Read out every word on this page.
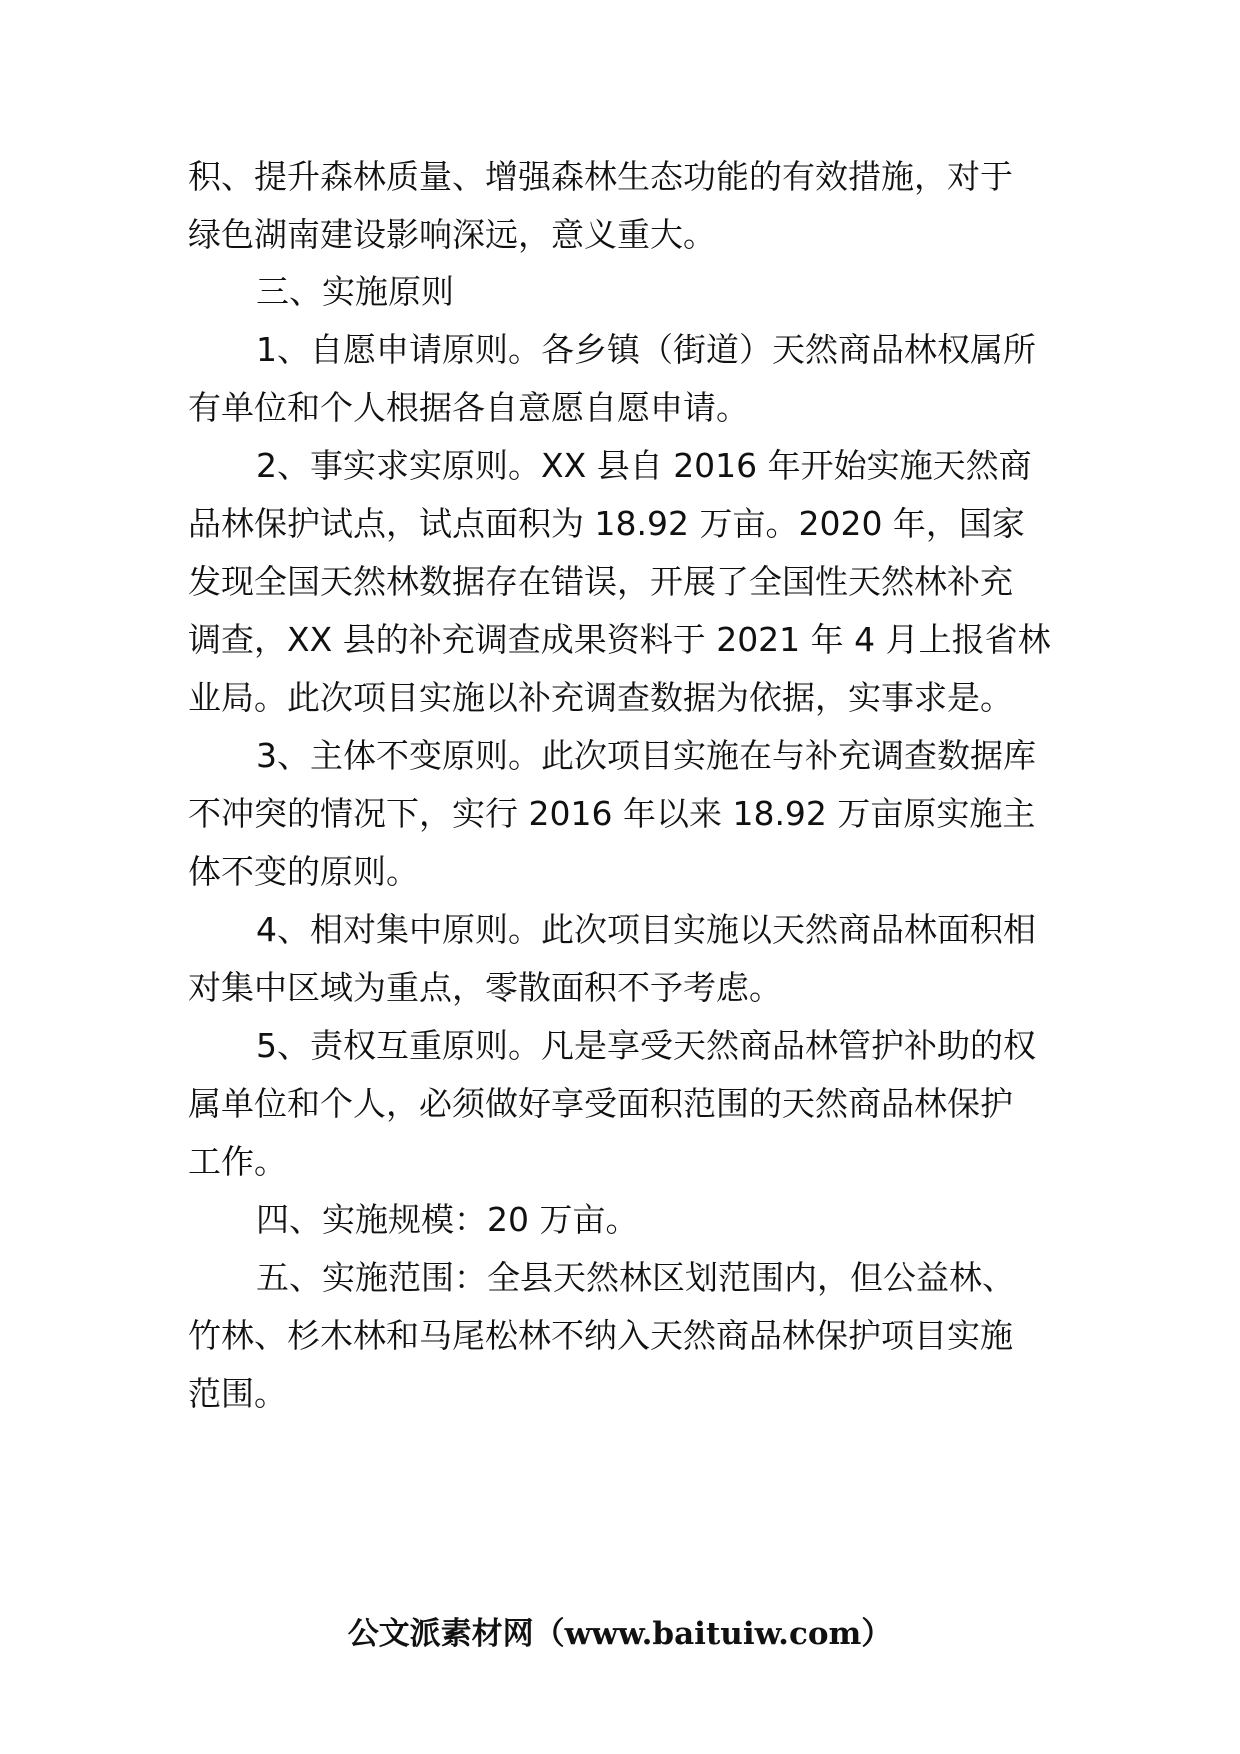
积、提升森林质量、增强森林生态功能的有效措施，对于
绿色湖南建设影响深远，意义重大。
三、实施原则
1、自愿申请原则。各乡镇（街道）天然商品林权属所
有单位和个人根据各自意愿自愿申请。
2、事实求实原则。XX 县自 2016 年开始实施天然商
品林保护试点，试点面积为 18.92 万亩。2020 年，国家
发现全国天然林数据存在错误，开展了全国性天然林补充
调查，XX 县的补充调查成果资料于 2021 年 4 月上报省林
业局。此次项目实施以补充调查数据为依据，实事求是。
3、主体不变原则。此次项目实施在与补充调查数据库
不冲突的情况下，实行 2016 年以来 18.92 万亩原实施主
体不变的原则。
4、相对集中原则。此次项目实施以天然商品林面积相
对集中区域为重点，零散面积不予考虑。
5、责权互重原则。凡是享受天然商品林管护补助的权
属单位和个人，必须做好享受面积范围的天然商品林保护
工作。
四、实施规模：20 万亩。
五、实施范围：全县天然林区划范围内，但公益林、
竹林、杉木林和马尾松林不纳入天然商品林保护项目实施
范围。
公文派素材网（www.baituiw.com）
